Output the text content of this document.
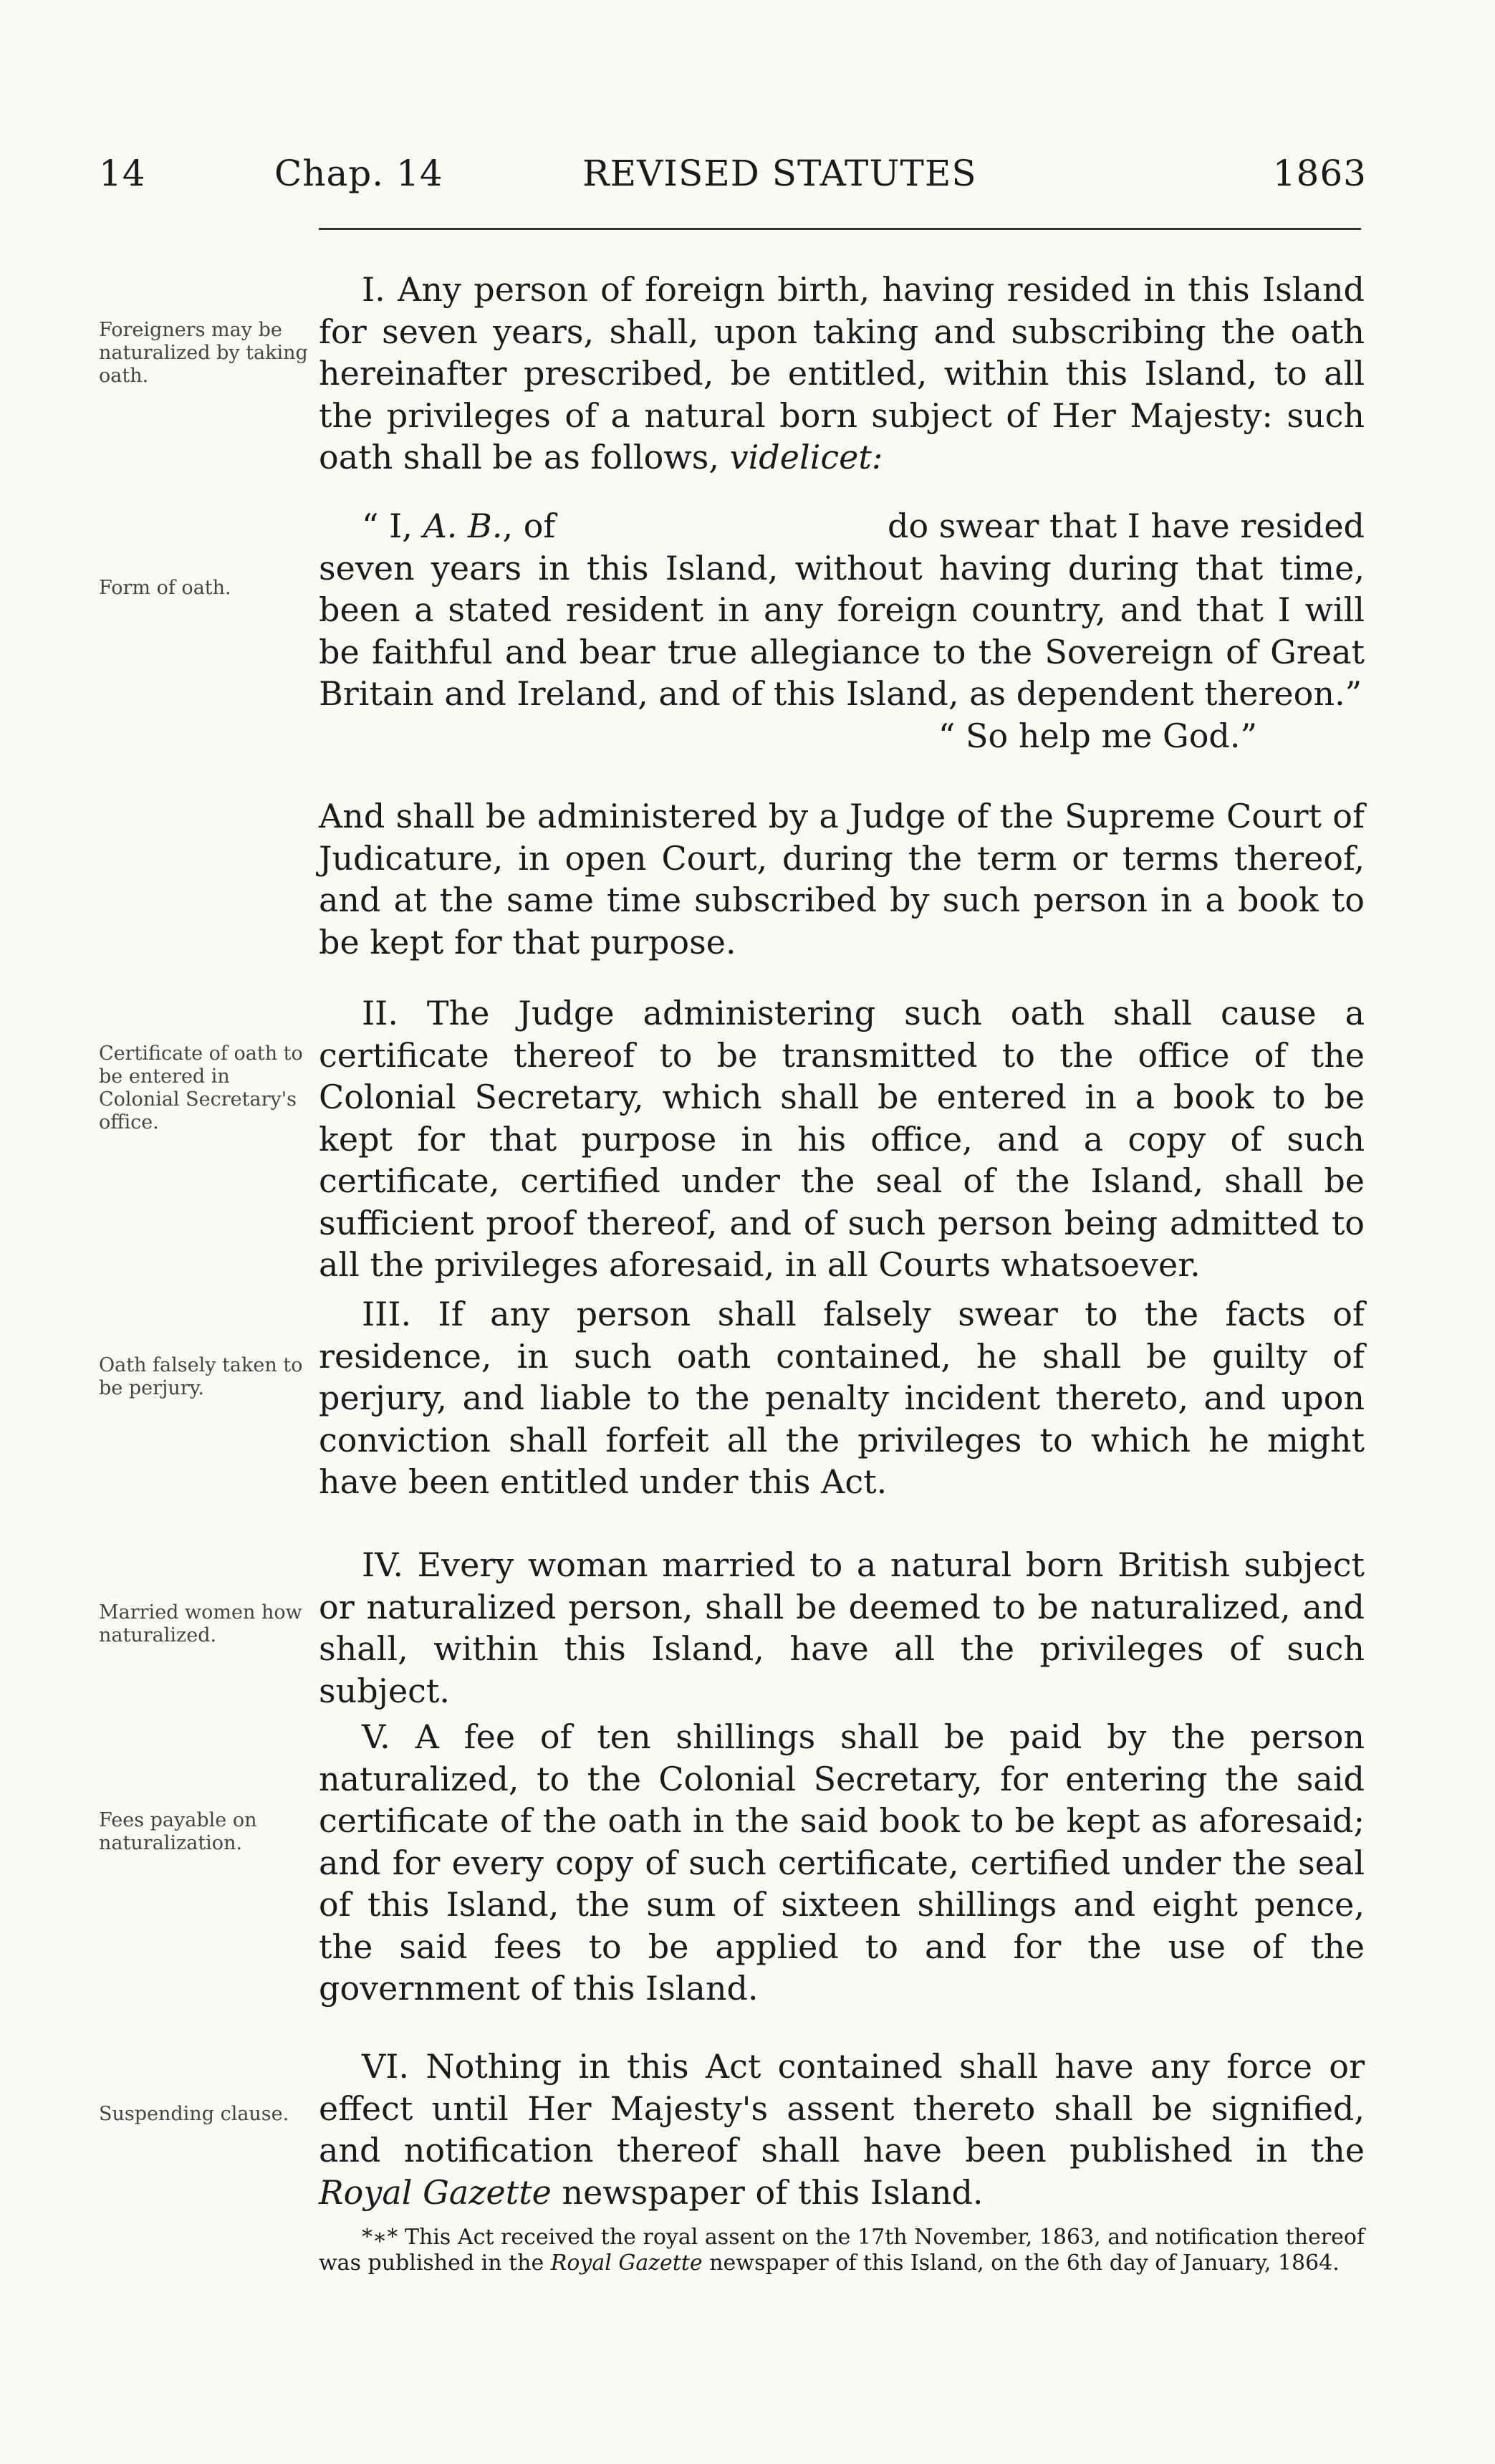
14	Chap. 14	REVISED STATUTES	1863
Foreigners may be naturalized by taking oath.
Form of oath.
Certificate of oath to be entered in Colonial Secretary's office.
Oath falsely taken to be perjury.
Married women how naturalized.
Fees payable on naturalization.
Suspending clause.
I. Any person of foreign birth, having resided in this Island for seven years, shall, upon taking and subscribing the oath hereinafter prescribed, be entitled, within this Island, to all the privileges of a natural born subject of Her Majesty: such oath shall be as follows, videlicet:
“ I, A. B., of	do swear that I have resided
seven years in this Island, without having during that time, been a stated resident in any foreign country, and that I will be faithful and bear true allegiance to the Sovereign of Great Britain and Ireland, and of this Island, as dependent thereon.”
“ So help me God.”
And shall be administered by a Judge of the Supreme Court of Judicature, in open Court, during the term or terms thereof, and at the same time subscribed by such person in a book to be kept for that purpose.
II. The Judge administering such oath shall cause a certificate thereof to be transmitted to the office of the Colonial Secretary, which shall be entered in a book to be kept for that purpose in his office, and a copy of such certificate, certified under the seal of the Island, shall be sufficient proof thereof, and of such person being admitted to all the privileges aforesaid, in all Courts whatsoever.
III. If any person shall falsely swear to the facts of residence, in such oath contained, he shall be guilty of perjury, and liable to the penalty incident thereto, and upon conviction shall forfeit all the privileges to which he might have been entitled under this Act.
IV. Every woman married to a natural born British subject or naturalized person, shall be deemed to be naturalized, and shall, within this Island, have all the privileges of such subject.
V. A fee of ten shillings shall be paid by the person naturalized, to the Colonial Secretary, for entering the said certificate of the oath in the said book to be kept as aforesaid; and for every copy of such certificate, certified under the seal of this Island, the sum of sixteen shillings and eight pence, the said fees to be applied to and for the use of the government of this Island.
VI. Nothing in this Act contained shall have any force or effect until Her Majesty's assent thereto shall be signified, and notification thereof shall have been published in the Royal Gazette newspaper of this Island.
*∗* This Act received the royal assent on the 17th November, 1863, and notification thereof was published in the Royal Gazette newspaper of this Island, on the 6th day of January, 1864.
